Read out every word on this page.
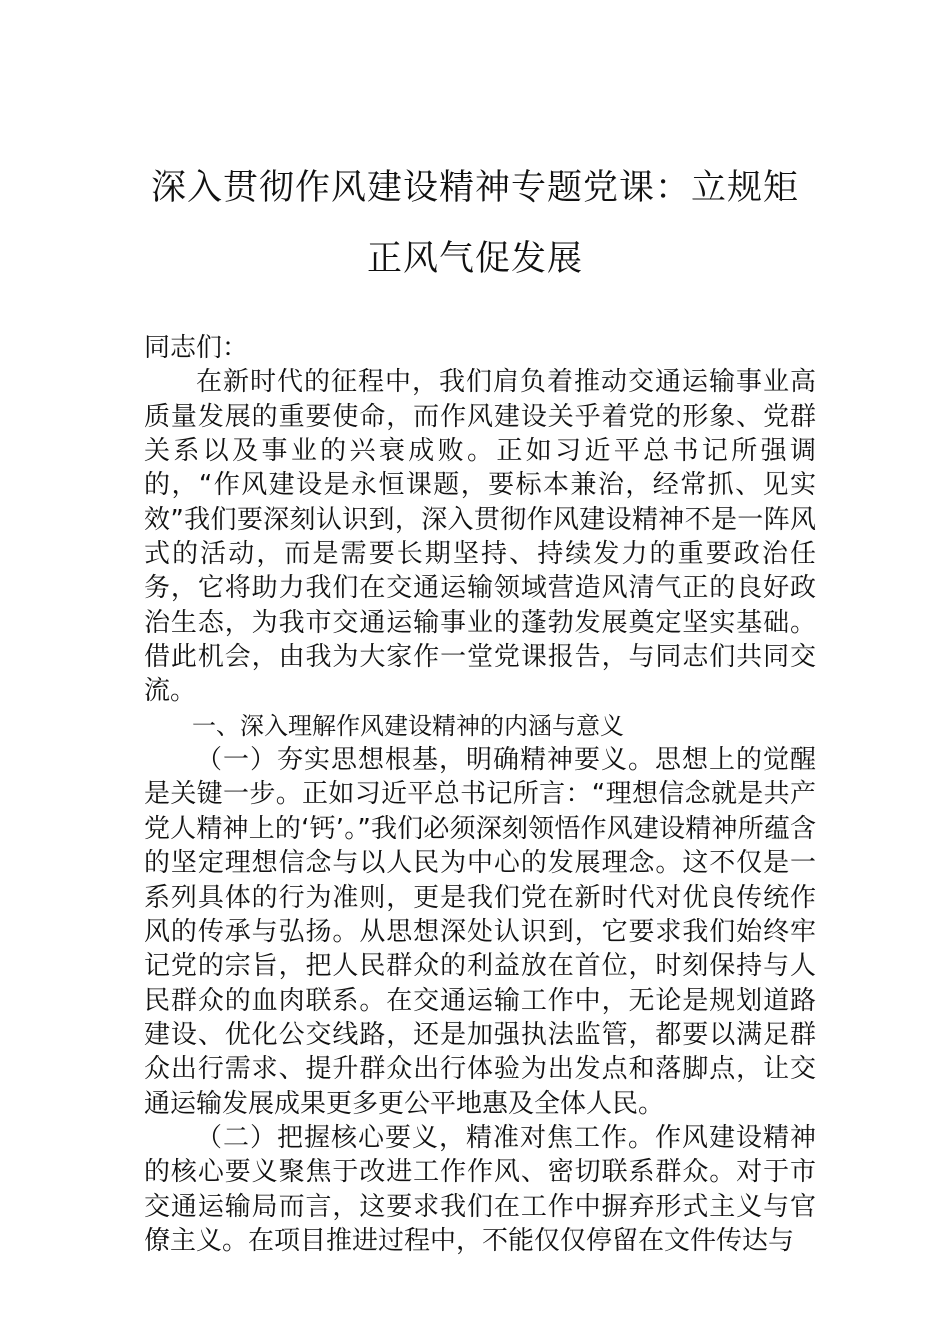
深入贯彻作风建设精神专题党课：立规矩
正风气促发展

同志们：

在新时代的征程中，我们肩负着推动交通运输事业高质量发展的重要使命，而作风建设关乎着党的形象、党群关系以及事业的兴衰成败。正如习近平总书记所强调的，“作风建设是永恒课题，要标本兼治，经常抓、见实效”我们要深刻认识到，深入贯彻作风建设精神不是一阵风式的活动，而是需要长期坚持、持续发力的重要政治任务，它将助力我们在交通运输领域营造风清气正的良好政治生态，为我市交通运输事业的蓬勃发展奠定坚实基础。借此机会，由我为大家作一堂党课报告，与同志们共同交流。

一、深入理解作风建设精神的内涵与意义

（一）夯实思想根基，明确精神要义。思想上的觉醒是关键一步。正如习近平总书记所言：“理想信念就是共产党人精神上的‘钙’。”我们必须深刻领悟作风建设精神所蕴含的坚定理想信念与以人民为中心的发展理念。这不仅是一系列具体的行为准则，更是我们党在新时代对优良传统作风的传承与弘扬。从思想深处认识到，它要求我们始终牢记党的宗旨，把人民群众的利益放在首位，时刻保持与人民群众的血肉联系。在交通运输工作中，无论是规划道路建设、优化公交线路，还是加强执法监管，都要以满足群众出行需求、提升群众出行体验为出发点和落脚点，让交通运输发展成果更多更公平地惠及全体人民。

（二）把握核心要义，精准对焦工作。作风建设精神的核心要义聚焦于改进工作作风、密切联系群众。对于市交通运输局而言，这要求我们在工作中摒弃形式主义与官僚主义。在项目推进过程中，不能仅仅停留在文件传达与
